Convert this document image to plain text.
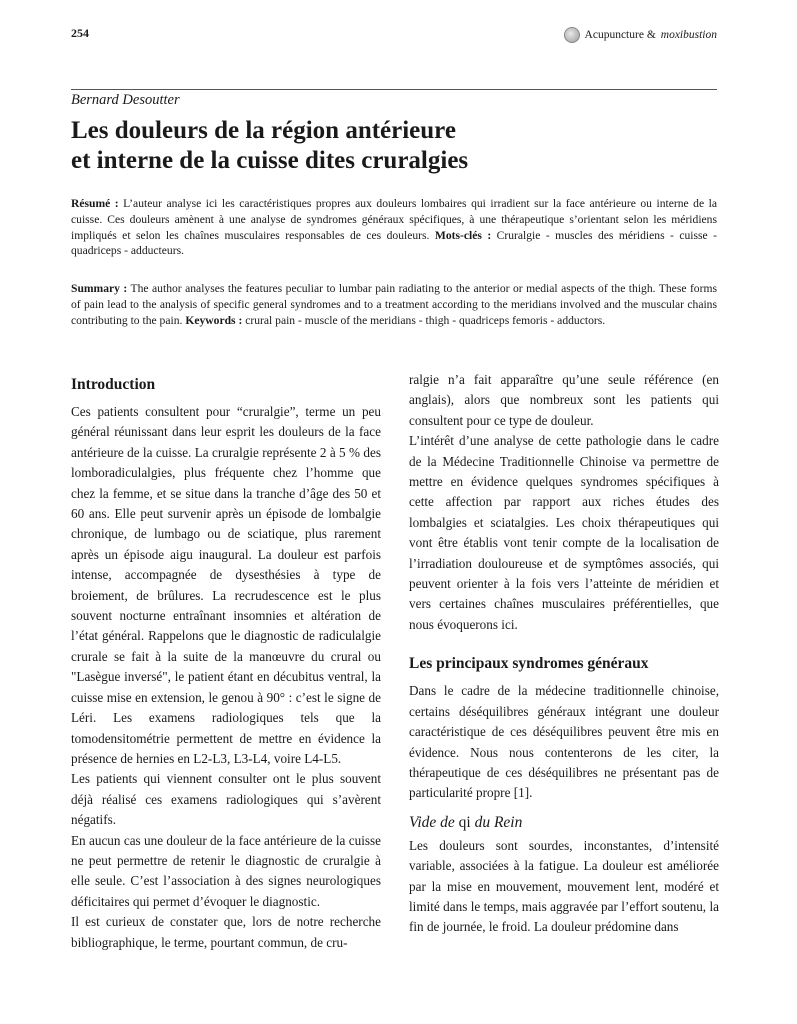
254	Acupuncture & moxibustion
Bernard Desoutter
Les douleurs de la région antérieure
et interne de la cuisse dites cruralgies

Résumé : L’auteur analyse ici les caractéristiques propres aux douleurs lombaires qui irradient sur la face antérieure ou interne de la cuisse. Ces douleurs amènent à une analyse de syndromes généraux spécifiques, à une thérapeutique s’orientant selon les méridiens impliqués et selon les chaînes musculaires responsables de ces douleurs. Mots-clés : Cruralgie - muscles des méridiens - cuisse - quadriceps - adducteurs.

Summary : The author analyses the features peculiar to lumbar pain radiating to the anterior or medial aspects of the thigh. These forms of pain lead to the analysis of specific general syndromes and to a treatment according to the meridians involved and the muscular chains contributing to the pain. Keywords : crural pain - muscle of the meridians - thigh - quadriceps femoris - adductors.

Introduction

Ces patients consultent pour “cruralgie”, terme un peu général réunissant dans leur esprit les douleurs de la face antérieure de la cuisse. La cruralgie représente 2 à 5 % des lomboradiculalgies, plus fréquente chez l’homme que chez la femme, et se situe dans la tranche d’âge des 50 et 60 ans. Elle peut survenir après un épisode de lombalgie chronique, de lumbago ou de sciatique, plus rarement après un épisode aigu inaugural. La douleur est parfois intense, accompagnée de dysesthésies à type de broiement, de brûlures. La recrudescence est le plus souvent nocturne entraînant insomnies et altération de l’état général. Rappelons que le diagnostic de radiculalgie crurale se fait à la suite de la manœuvre du crural ou "Lasègue inversé", le patient étant en décubitus ventral, la cuisse mise en extension, le genou à 90° : c’est le signe de Léri. Les examens radiologiques tels que la tomodensitométrie permettent de mettre en évidence la présence de hernies en L2-L3, L3-L4, voire L4-L5.

Les patients qui viennent consulter ont le plus souvent déjà réalisé ces examens radiologiques qui s’avèrent négatifs.

En aucun cas une douleur de la face antérieure de la cuisse ne peut permettre de retenir le diagnostic de cruralgie à elle seule. C’est l’association à des signes neurologiques déficitaires qui permet d’évoquer le diagnostic.

Il est curieux de constater que, lors de notre recherche bibliographique, le terme, pourtant commun, de cru-

ralgie n’a fait apparaître qu’une seule référence (en anglais), alors que nombreux sont les patients qui consultent pour ce type de douleur.

L’intérêt d’une analyse de cette pathologie dans le cadre de la Médecine Traditionnelle Chinoise va permettre de mettre en évidence quelques syndromes spécifiques à cette affection par rapport aux riches études des lombalgies et sciatalgies. Les choix thérapeutiques qui vont être établis vont tenir compte de la localisation de l’irradiation douloureuse et de symptômes associés, qui peuvent orienter à la fois vers l’atteinte de méridien et vers certaines chaînes musculaires préférentielles, que nous évoquerons ici.

Les principaux syndromes généraux

Dans le cadre de la médecine traditionnelle chinoise, certains déséquilibres généraux intégrant une douleur caractéristique de ces déséquilibres peuvent être mis en évidence. Nous nous contenterons de les citer, la thérapeutique de ces déséquilibres ne présentant pas de particularité propre [1].

Vide de qi du Rein

Les douleurs sont sourdes, inconstantes, d’intensité variable, associées à la fatigue. La douleur est améliorée par la mise en mouvement, mouvement lent, modéré et limité dans le temps, mais aggravée par l’effort soutenu, la fin de journée, le froid. La douleur prédomine dans
